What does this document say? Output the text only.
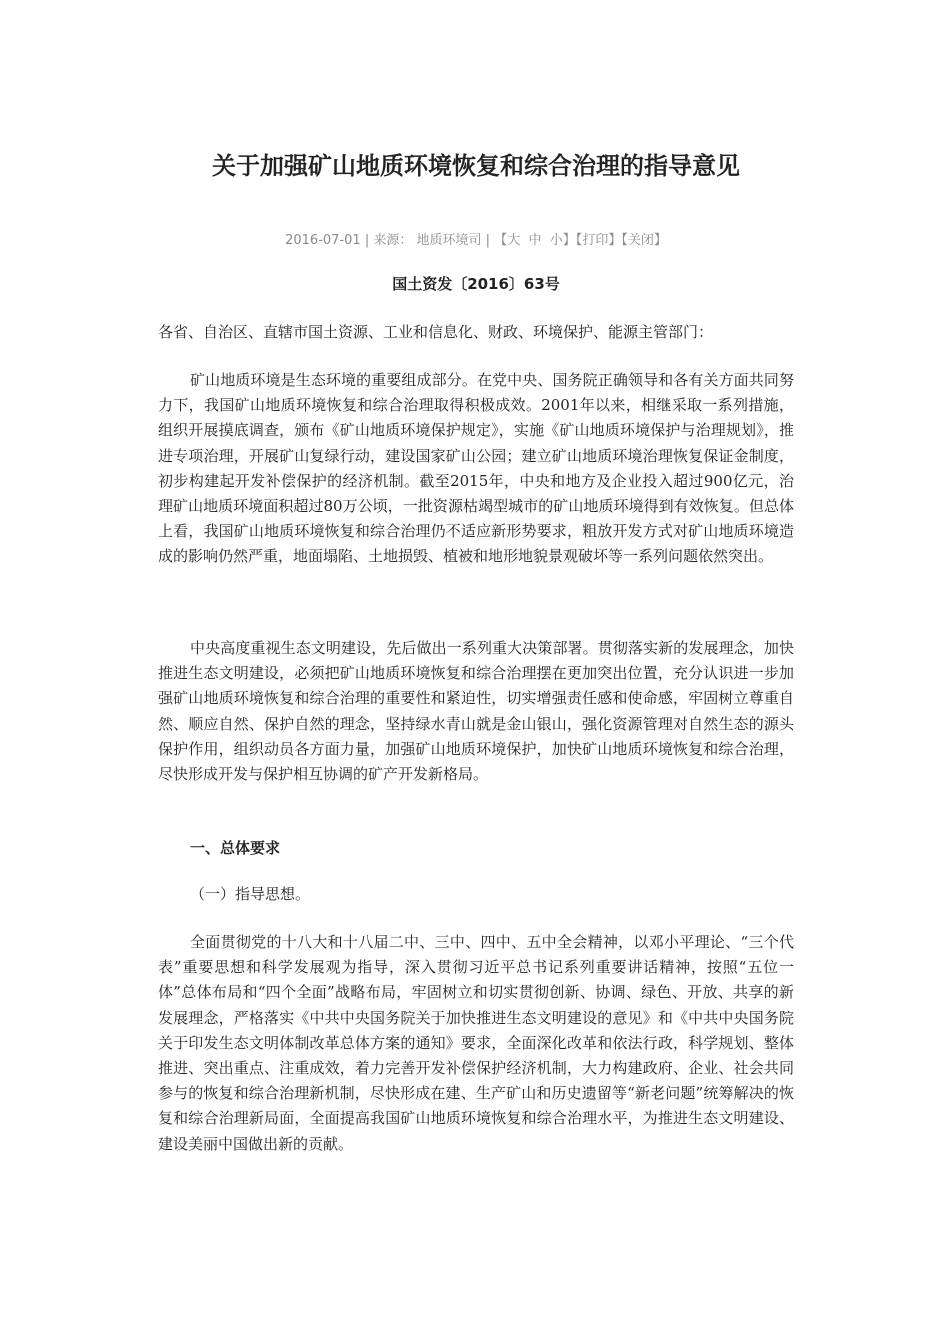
关于加强矿山地质环境恢复和综合治理的指导意见
2016-07-01 | 来源： 地质环境司 | 【大 中 小】【打印】【关闭】
国土资发〔2016〕63号
各省、自治区、直辖市国土资源、工业和信息化、财政、环境保护、能源主管部门：
矿山地质环境是生态环境的重要组成部分。在党中央、国务院正确领导和各有关方面共同努力下，我国矿山地质环境恢复和综合治理取得积极成效。2001年以来，相继采取一系列措施，组织开展摸底调查，颁布《矿山地质环境保护规定》，实施《矿山地质环境保护与治理规划》，推进专项治理，开展矿山复绿行动，建设国家矿山公园；建立矿山地质环境治理恢复保证金制度，初步构建起开发补偿保护的经济机制。截至2015年，中央和地方及企业投入超过900亿元，治理矿山地质环境面积超过80万公顷，一批资源枯竭型城市的矿山地质环境得到有效恢复。但总体上看，我国矿山地质环境恢复和综合治理仍不适应新形势要求，粗放开发方式对矿山地质环境造成的影响仍然严重，地面塌陷、土地损毁、植被和地形地貌景观破坏等一系列问题依然突出。
中央高度重视生态文明建设，先后做出一系列重大决策部署。贯彻落实新的发展理念，加快推进生态文明建设，必须把矿山地质环境恢复和综合治理摆在更加突出位置，充分认识进一步加强矿山地质环境恢复和综合治理的重要性和紧迫性，切实增强责任感和使命感，牢固树立尊重自然、顺应自然、保护自然的理念，坚持绿水青山就是金山银山，强化资源管理对自然生态的源头保护作用，组织动员各方面力量，加强矿山地质环境保护，加快矿山地质环境恢复和综合治理，尽快形成开发与保护相互协调的矿产开发新格局。
一、总体要求
（一）指导思想。
全面贯彻党的十八大和十八届二中、三中、四中、五中全会精神，以邓小平理论、“三个代表”重要思想和科学发展观为指导，深入贯彻习近平总书记系列重要讲话精神，按照“五位一体”总体布局和“四个全面”战略布局，牢固树立和切实贯彻创新、协调、绿色、开放、共享的新发展理念，严格落实《中共中央国务院关于加快推进生态文明建设的意见》和《中共中央国务院关于印发生态文明体制改革总体方案的通知》要求，全面深化改革和依法行政，科学规划、整体推进、突出重点、注重成效，着力完善开发补偿保护经济机制，大力构建政府、企业、社会共同参与的恢复和综合治理新机制，尽快形成在建、生产矿山和历史遗留等“新老问题”统筹解决的恢复和综合治理新局面，全面提高我国矿山地质环境恢复和综合治理水平，为推进生态文明建设、建设美丽中国做出新的贡献。
